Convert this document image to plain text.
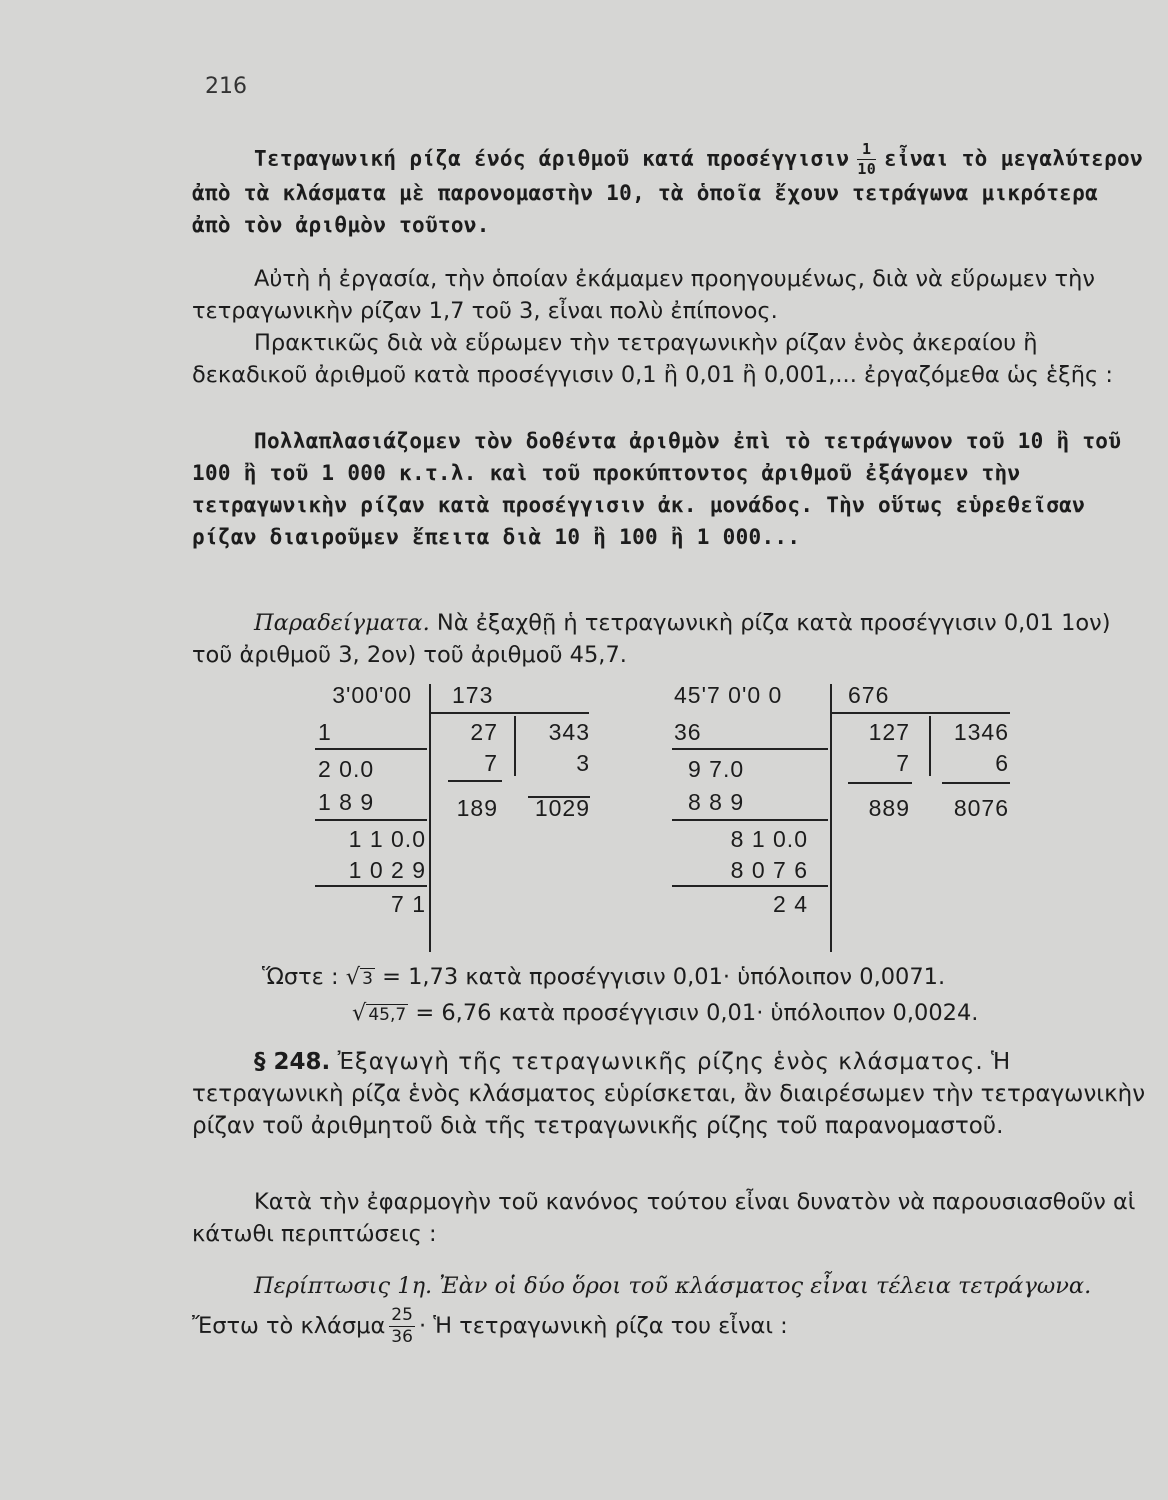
216

Τετραγωνική ρίζα ένός άριθμοῦ κατά προσέγγισιν $\frac{1}{10}$ εἶναι τὸ μεγαλύτερον ἀπὸ τὰ κλάσματα μὲ παρονομαστὴν 10, τὰ ὁποῖα ἔχουν τετράγωνα μικρότερα ἀπὸ τὸν ἀριθμὸν τοῦτον.

Αὐτὴ ἡ ἐργασία, τὴν ὁποίαν ἐκάμαμεν προηγουμένως, διὰ νὰ εὕρωμεν τὴν τετραγωνικὴν ρίζαν 1,7 τοῦ 3, εἶναι πολὺ ἐπίπονος.

Πρακτικῶς διὰ νὰ εὕρωμεν τὴν τετραγωνικὴν ρίζαν ἑνὸς ἀκεραίου ἢ δεκαδικοῦ ἀριθμοῦ κατὰ προσέγγισιν 0,1 ἢ 0,01 ἢ 0,001,... ἐργαζόμεθα ὡς ἑξῆς :

Πολλαπλασιάζομεν τὸν δοθέντα ἀριθμὸν ἐπὶ τὸ τετράγωνον τοῦ 10 ἢ τοῦ 100 ἢ τοῦ 1 000 κ.τ.λ. καὶ τοῦ προκύπτοντος ἀριθμοῦ ἐξάγομεν τὴν τετραγωνικὴν ρίζαν κατὰ προσέγγισιν ἀκ. μονάδος. Τὴν οὕτως εὑρεθεῖσαν ρίζαν διαιροῦμεν ἔπειτα διὰ 10 ἢ 100 ἢ 1 000...

Παραδείγματα. Νὰ ἐξαχθῇ ἡ τετραγωνικὴ ρίζα κατὰ προσέγγισιν 0,01 1ον) τοῦ ἀριθμοῦ 3, 2ον) τοῦ ἀριθμοῦ 45,7.

3'00'00
1
2 0.0
1 8 9
1 1 0.0
1 0 2 9
7 1
173
27
7
189
343
3
1029
45'7 0'0 0
36
9 7.0
8 8 9
8 1 0.0
8 0 7 6
2 4
676
127
7
889
1346
6
8076
Ὥστε : √ 3 = 1,73 κατὰ προσέγγισιν 0,01· ὑπόλοιπον 0,0071.
√ 45,7 = 6,76 κατὰ προσέγγισιν 0,01· ὑπόλοιπον 0,0024.

§ 248. Ἐξαγωγὴ τῆς τετραγωνικῆς ρίζης ἑνὸς κλάσματος. Ἡ τετραγωνικὴ ρίζα ἑνὸς κλάσματος εὑρίσκεται, ἂν διαιρέσωμεν τὴν τετραγωνικὴν ρίζαν τοῦ ἀριθμητοῦ διὰ τῆς τετραγωνικῆς ρίζης τοῦ παρανομαστοῦ.

Κατὰ τὴν ἐφαρμογὴν τοῦ κανόνος τούτου εἶναι δυνατὸν νὰ παρουσιασθοῦν αἱ κάτωθι περιπτώσεις :

Περίπτωσις 1η. Ἐὰν οἱ δύο ὅροι τοῦ κλάσματος εἶναι τέλεια τετράγωνα. Ἔστω τὸ κλάσμα $\frac{25}{36}$ · Ἡ τετραγωνικὴ ρίζα του εἶναι :
